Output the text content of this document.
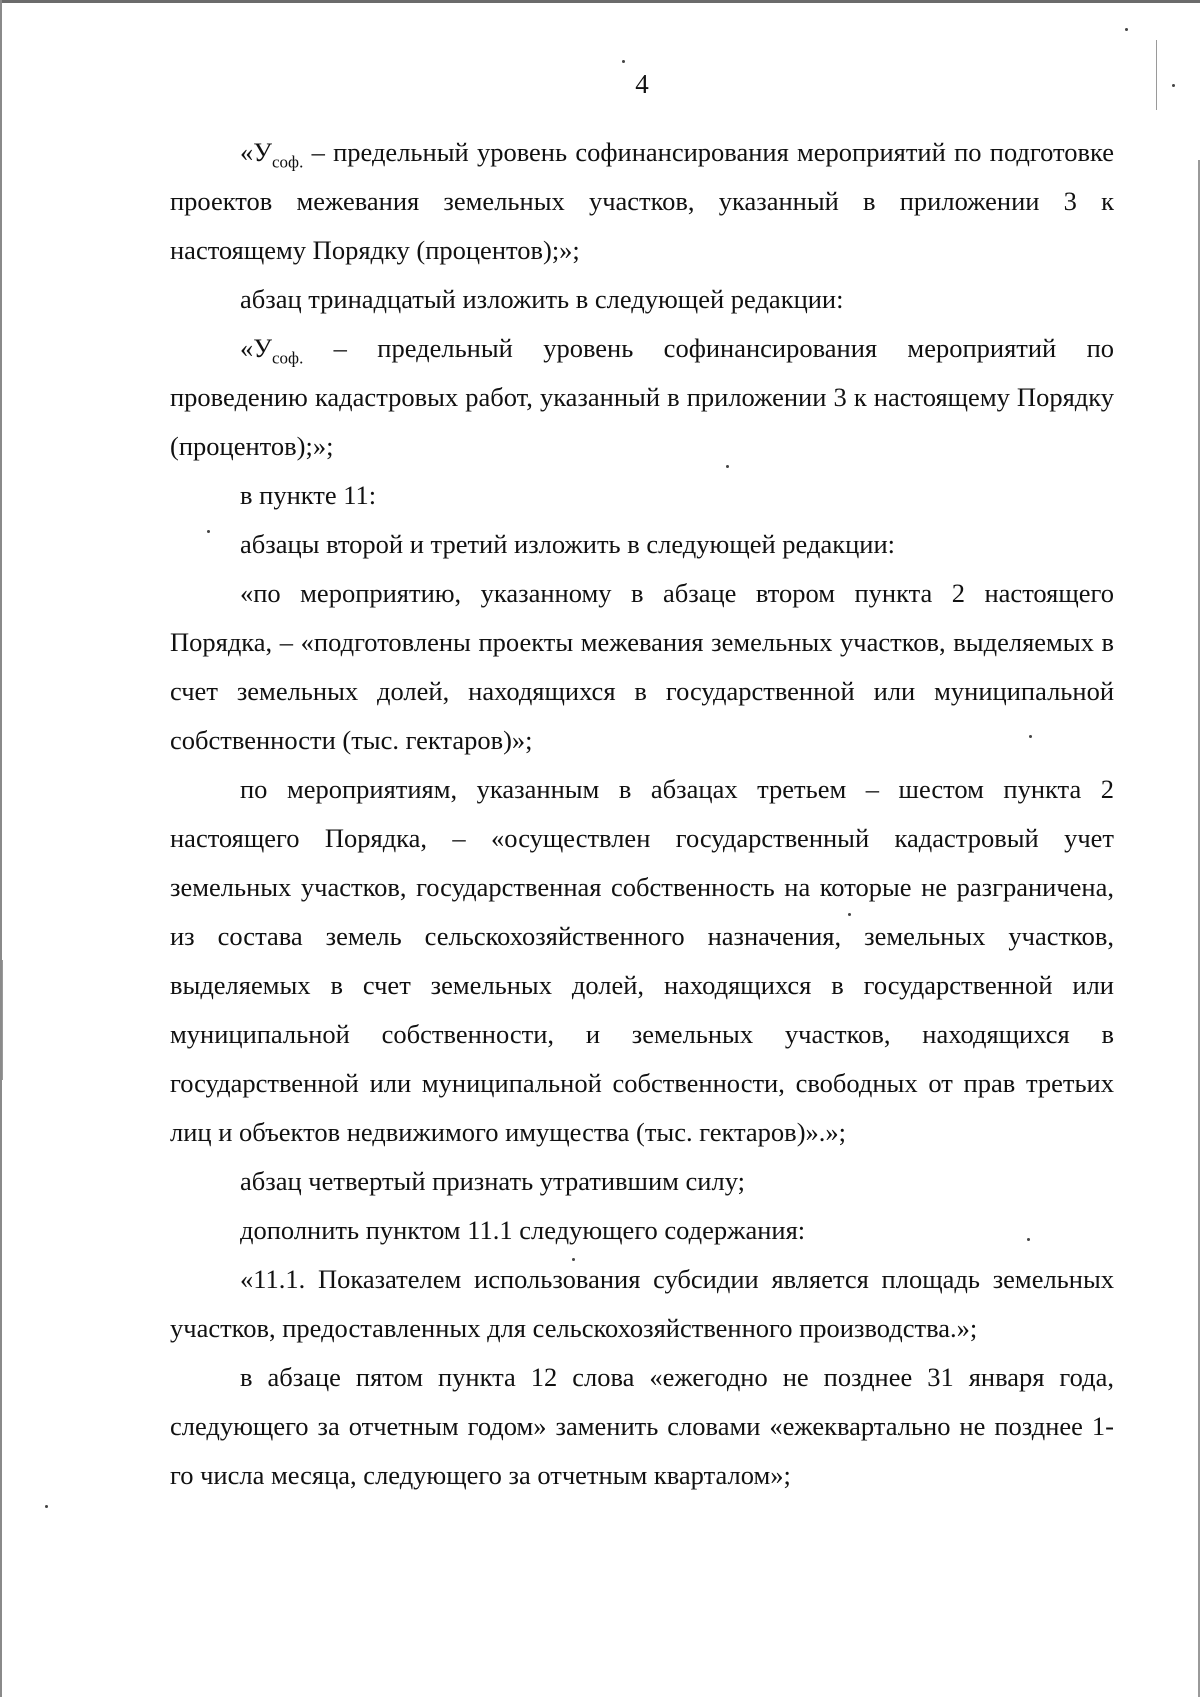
4

«$У_{соф.}$ – предельный уровень софинансирования мероприятий по подготовке проектов межевания земельных участков, указанный в приложении 3 к настоящему Порядку (процентов);»;

абзац тринадцатый изложить в следующей редакции:

«$У_{соф.}$ – предельный уровень софинансирования мероприятий по проведению кадастровых работ, указанный в приложении 3 к настоящему Порядку (процентов);»;

в пункте 11:

абзацы второй и третий изложить в следующей редакции:

«по мероприятию, указанному в абзаце втором пункта 2 настоящего Порядка, – «подготовлены проекты межевания земельных участков, выделяемых в счет земельных долей, находящихся в государственной или муниципальной собственности (тыс. гектаров)»;

по мероприятиям, указанным в абзацах третьем – шестом пункта 2 настоящего Порядка, – «осуществлен государственный кадастровый учет земельных участков, государственная собственность на которые не разграничена, из состава земель сельскохозяйственного назначения, земельных участков, выделяемых в счет земельных долей, находящихся в государственной или муниципальной собственности, и земельных участков, находящихся в государственной или муниципальной собственности, свободных от прав третьих лиц и объектов недвижимого имущества (тыс. гектаров)».»;

абзац четвертый признать утратившим силу;

дополнить пунктом 11.1 следующего содержания:

«11.1. Показателем использования субсидии является площадь земельных участков, предоставленных для сельскохозяйственного производства.»;

в абзаце пятом пункта 12 слова «ежегодно не позднее 31 января года, следующего за отчетным годом» заменить словами «ежеквартально не позднее 1-го числа месяца, следующего за отчетным кварталом»;
